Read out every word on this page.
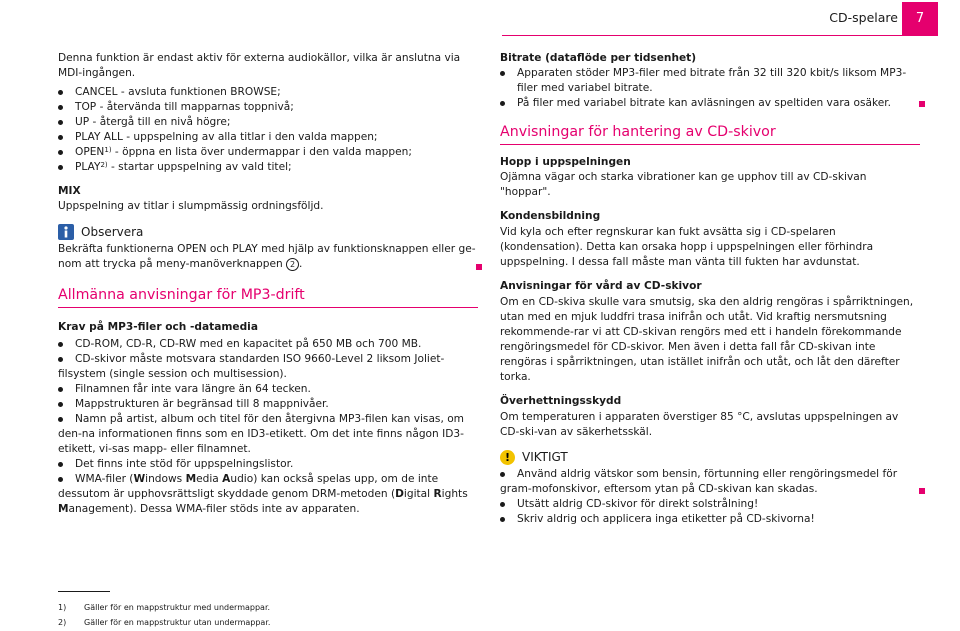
CD-spelare	7

Denna funktion är endast aktiv för externa audiokällor, vilka är anslutna via MDI-ingången.

CANCEL - avsluta funktionen BROWSE;
TOP - återvända till mapparnas toppnivå;
UP - återgå till en nivå högre;
PLAY ALL - uppspelning av alla titlar i den valda mappen;
OPEN$^{1)}$ - öppna en lista över undermappar i den valda mappen;
PLAY$^{2)}$ - startar uppspelning av vald titel;

MIX

Uppspelning av titlar i slumpmässig ordningsföljd.

Observera

Bekräfta funktionerna OPEN och PLAY med hjälp av funktionsknappen eller ge-nom att trycka på meny-manöverknappen 2 .

Allmänna anvisningar för MP3-drift

Krav på MP3-filer och -datamedia

CD-ROM, CD-R, CD-RW med en kapacitet på 650 MB och 700 MB.
CD-skivor måste motsvara standarden ISO 9660-Level 2 liksom Joliet-filsystem (single session och multisession).
Filnamnen får inte vara längre än 64 tecken.
Mappstrukturen är begränsad till 8 mappnivåer.
Namn på artist, album och titel för den återgivna MP3-filen kan visas, om den-na informationen finns som en ID3-etikett. Om det inte finns någon ID3-etikett, vi-sas mapp- eller filnamnet.
Det finns inte stöd för uppspelningslistor.
WMA-filer (Windows Media Audio) kan också spelas upp, om de inte dessutom är upphovsrättsligt skyddade genom DRM-metoden (Digital Rights Management). Dessa WMA-filer stöds inte av apparaten.

Bitrate (dataflöde per tidsenhet)

Apparaten stöder MP3-filer med bitrate från 32 till 320 kbit/s liksom MP3-filer med variabel bitrate.
På filer med variabel bitrate kan avläsningen av speltiden vara osäker.
Anvisningar för hantering av CD-skivor

Hopp i uppspelningen

Ojämna vägar och starka vibrationer kan ge upphov till av CD-skivan "hoppar".

Kondensbildning

Vid kyla och efter regnskurar kan fukt avsätta sig i CD-spelaren (kondensation). Detta kan orsaka hopp i uppspelningen eller förhindra uppspelning. I dessa fall måste man vänta till fukten har avdunstat.

Anvisningar för vård av CD-skivor

Om en CD-skiva skulle vara smutsig, ska den aldrig rengöras i spårriktningen, utan med en mjuk luddfri trasa inifrån och utåt. Vid kraftig nersmutsning rekommende-rar vi att CD-skivan rengörs med ett i handeln förekommande rengöringsmedel för CD-skivor. Men även i detta fall får CD-skivan inte rengöras i spårriktningen, utan istället inifrån och utåt, och låt den därefter torka.

Överhettningsskydd

Om temperaturen i apparaten överstiger 85 °C, avslutas uppspelningen av CD-ski-van av säkerhetsskäl.

! VIKTIGT
Använd aldrig vätskor som bensin, förtunning eller rengöringsmedel för gram-mofonskivor, eftersom ytan på CD-skivan kan skadas.
Utsätt aldrig CD-skivor för direkt solstrålning!
Skriv aldrig och applicera inga etiketter på CD-skivorna!
1) Gäller för en mappstruktur med undermappar.
2) Gäller för en mappstruktur utan undermappar.
